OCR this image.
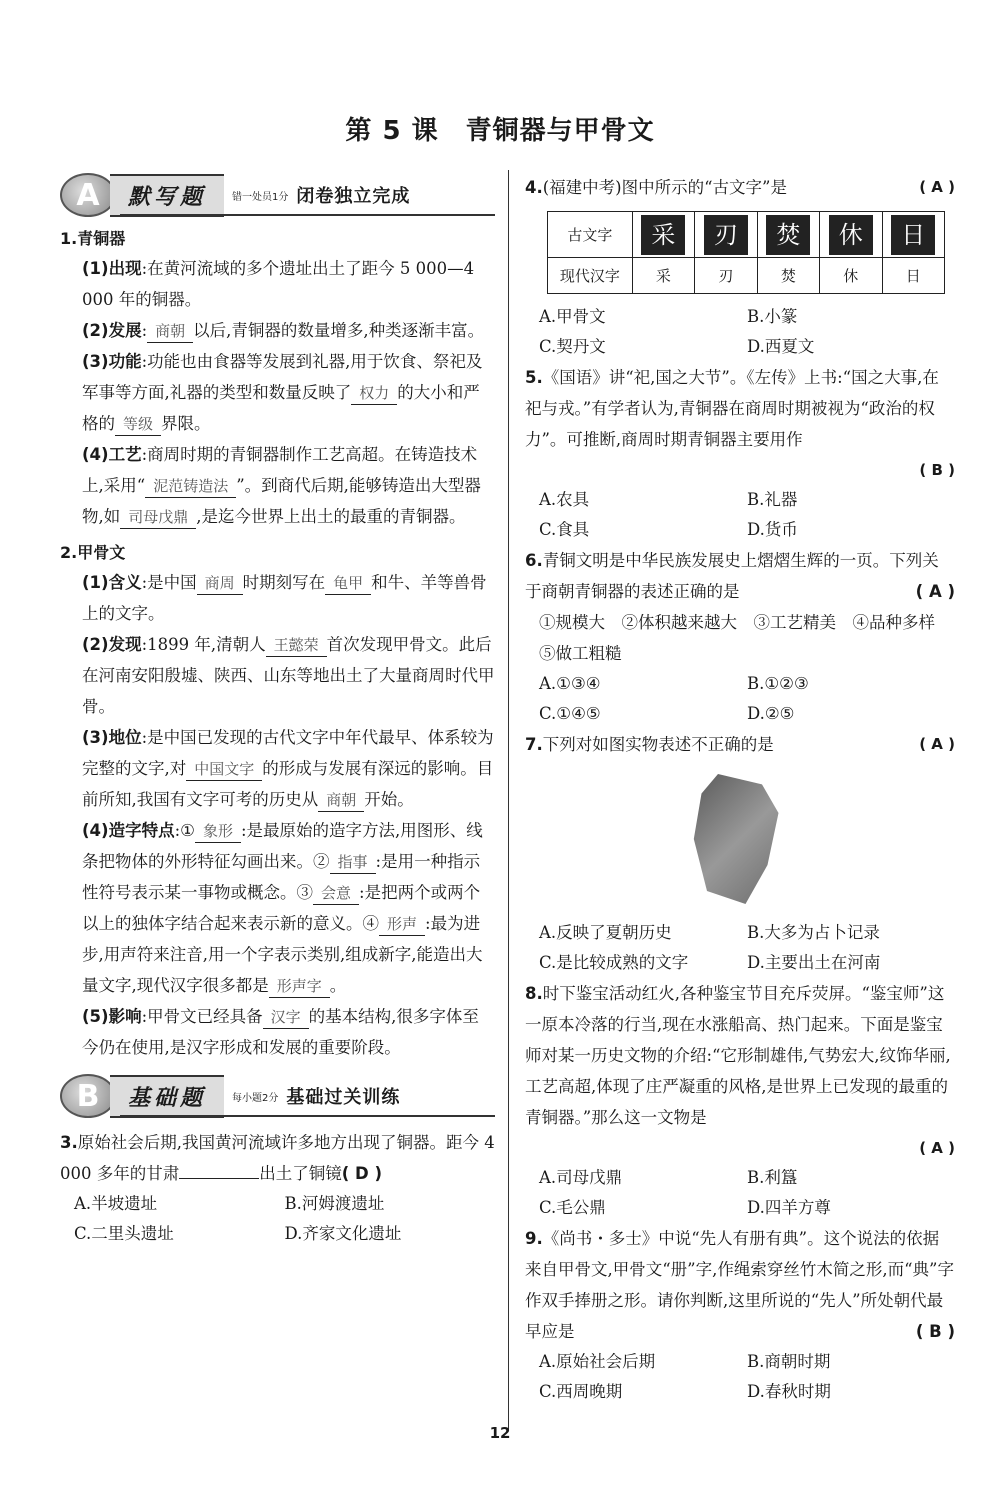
第 5 课　青铜器与甲骨文
A	默写题	错一处员1分 闭卷独立完成
1.青铜器

(1)出现:在黄河流域的多个遗址出土了距今 5 000—4 000 年的铜器。

(2)发展: 商朝 以后,青铜器的数量增多,种类逐渐丰富。

(3)功能:功能也由食器等发展到礼器,用于饮食、祭祀及军事等方面,礼器的类型和数量反映了 权力 的大小和严格的 等级 界限。

(4)工艺:商周时期的青铜器制作工艺高超。在铸造技术上,采用“ 泥范铸造法 ”。到商代后期,能够铸造出大型器物,如 司母戊鼎 ,是迄今世界上出土的最重的青铜器。

2.甲骨文

(1)含义:是中国 商周 时期刻写在 龟甲 和牛、羊等兽骨上的文字。

(2)发现:1899 年,清朝人 王懿荣 首次发现甲骨文。此后在河南安阳殷墟、陕西、山东等地出土了大量商周时代甲骨。

(3)地位:是中国已发现的古代文字中年代最早、体系较为完整的文字,对 中国文字 的形成与发展有深远的影响。目前所知,我国有文字可考的历史从 商朝 开始。

(4)造字特点:① 象形 :是最原始的造字方法,用图形、线条把物体的外形特征勾画出来。② 指事 :是用一种指示性符号表示某一事物或概念。③ 会意 :是把两个或两个以上的独体字结合起来表示新的意义。④ 形声 :最为进步,用声符来注音,用一个字表示类别,组成新字,能造出大量文字,现代汉字很多都是 形声字 。

(5)影响:甲骨文已经具备 汉字 的基本结构,很多字体至今仍在使用,是汉字形成和发展的重要阶段。

B	基础题	每小题2分 基础过关训练
3.原始社会后期,我国黄河流域许多地方出现了铜器。距今 4 000 多年的甘肃	出土了铜镜( D )
A.半坡遗址	B.河姆渡遗址
C.二里头遗址	D.齐家文化遗址
4.(福建中考)图中所示的“古文字”是	( A )
古文字	采	刃	焚	休	日
现代汉字	采	刃	焚	休	日
A.甲骨文	B.小篆
C.契丹文	D.西夏文
5.《国语》讲“祀,国之大节”。《左传》上书:“国之大事,在祀与戎。”有学者认为,青铜器在商周时期被视为“政治的权力”。可推断,商周时期青铜器主要用作
( B )
A.农具	B.礼器
C.食具	D.货币
6.青铜文明是中华民族发展史上熠熠生辉的一页。下列关于商朝青铜器的表述正确的是	( A )
①规模大　②体积越来越大　③工艺精美　④品种多样　⑤做工粗糙
A.①③④	B.①②③
C.①④⑤	D.②⑤
7.下列对如图实物表述不正确的是	( A )
A.反映了夏朝历史	B.大多为占卜记录
C.是比较成熟的文字	D.主要出土在河南
8.时下鉴宝活动红火,各种鉴宝节目充斥荧屏。“鉴宝师”这一原本冷落的行当,现在水涨船高、热门起来。下面是鉴宝师对某一历史文物的介绍:“它形制雄伟,气势宏大,纹饰华丽,工艺高超,体现了庄严凝重的风格,是世界上已发现的最重的青铜器。”那么这一文物是
( A )
A.司母戊鼎	B.利簋
C.毛公鼎	D.四羊方尊
9.《尚书・多士》中说“先人有册有典”。这个说法的依据来自甲骨文,甲骨文“册”字,作绳索穿丝竹木简之形,而“典”字作双手捧册之形。请你判断,这里所说的“先人”所处朝代最早应是	( B )
A.原始社会后期	B.商朝时期
C.西周晚期	D.春秋时期
12
